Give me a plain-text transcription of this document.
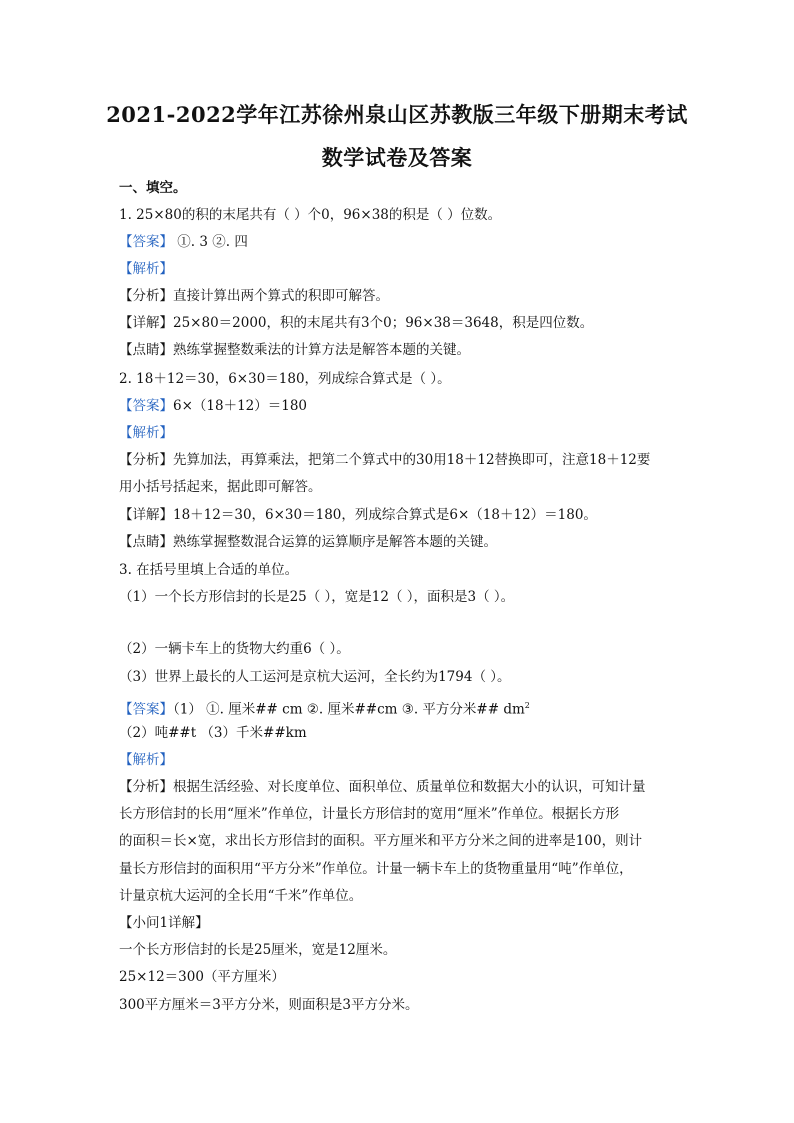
2021-2022学年江苏徐州泉山区苏教版三年级下册期末考试
数学试卷及答案
一、填空。
1. 25×80的积的末尾共有（ ）个0，96×38的积是（ ）位数。
【答案】 ①. 3 ②. 四
【解析】
【分析】直接计算出两个算式的积即可解答。
【详解】25×80＝2000，积的末尾共有3个0；96×38＝3648，积是四位数。
【点睛】熟练掌握整数乘法的计算方法是解答本题的关键。
2. 18＋12＝30，6×30＝180，列成综合算式是（ ）。
【答案】6×（18＋12）＝180
【解析】
【分析】先算加法，再算乘法，把第二个算式中的30用18＋12替换即可，注意18＋12要
用小括号括起来，据此即可解答。
【详解】18＋12＝30，6×30＝180，列成综合算式是6×（18＋12）＝180。
【点睛】熟练掌握整数混合运算的运算顺序是解答本题的关键。
3. 在括号里填上合适的单位。
（1）一个长方形信封的长是25（ ），宽是12（ ），面积是3（ ）。
（2）一辆卡车上的货物大约重6（ ）。
（3）世界上最长的人工运河是京杭大运河，全长约为1794（ ）。
【答案】（1） ①. 厘米## cm ②. 厘米##cm ③. 平方分米## $dm^2$
（2）吨##t （3）千米##km
【解析】
【分析】根据生活经验、对长度单位、面积单位、质量单位和数据大小的认识，可知计量
长方形信封的长用“厘米”作单位，计量长方形信封的宽用“厘米”作单位。根据长方形
的面积＝长×宽，求出长方形信封的面积。平方厘米和平方分米之间的进率是100，则计
量长方形信封的面积用“平方分米”作单位。计量一辆卡车上的货物重量用“吨”作单位，
计量京杭大运河的全长用“千米”作单位。
【小问1详解】
一个长方形信封的长是25厘米，宽是12厘米。
25×12＝300（平方厘米）
300平方厘米＝3平方分米，则面积是3平方分米。
